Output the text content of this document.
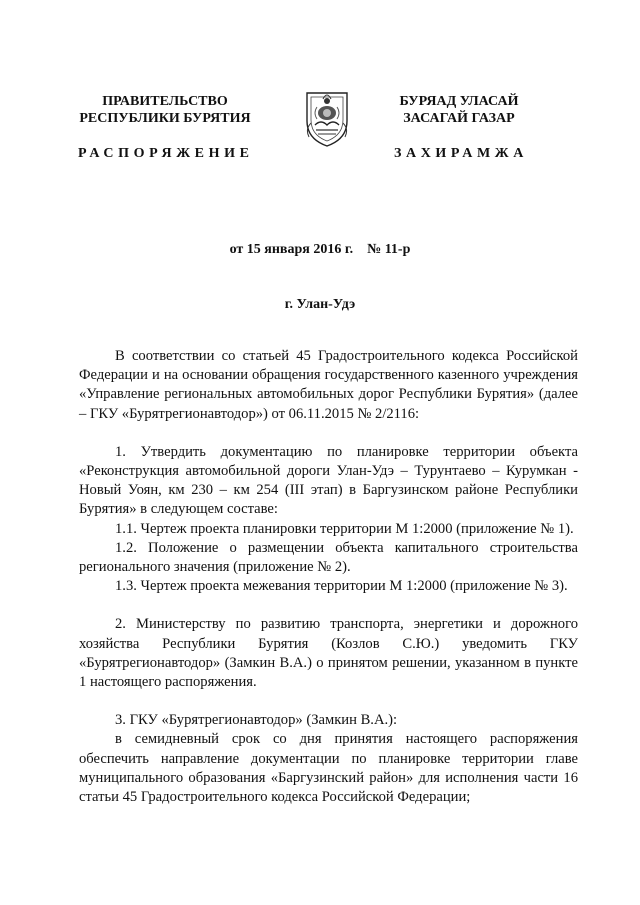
ПРАВИТЕЛЬСТВО
РЕСПУБЛИКИ БУРЯТИЯ
БУРЯАД УЛАСАЙ
ЗАСАГАЙ ГАЗАР
РАСПОРЯЖЕНИЕ	ЗАХИРАМЖА
от 15 января 2016 г. № 11-р
г. Улан-Удэ

В соответствии со статьей 45 Градостроительного кодекса Российской Федерации и на основании обращения государственного казенного учреждения «Управление региональных автомобильных дорог Республики Бурятия» (далее – ГКУ «Бурятрегионавтодор») от 06.11.2015 № 2/2116:

1. Утвердить документацию по планировке территории объекта «Реконструкция автомобильной дороги Улан-Удэ – Турунтаево – Курумкан - Новый Уоян, км 230 – км 254 (III этап) в Баргузинском районе Республики Бурятия» в следующем составе:

1.1. Чертеж проекта планировки территории М 1:2000 (приложение № 1).

1.2. Положение о размещении объекта капитального строительства регионального значения (приложение № 2).

1.3. Чертеж проекта межевания территории М 1:2000 (приложение № 3).

2. Министерству по развитию транспорта, энергетики и дорожного хозяйства Республики Бурятия (Козлов С.Ю.) уведомить ГКУ «Бурятрегионавтодор» (Замкин В.А.) о принятом решении, указанном в пункте 1 настоящего распоряжения.

3. ГКУ «Бурятрегионавтодор» (Замкин В.А.):

в семидневный срок со дня принятия настоящего распоряжения обеспечить направление документации по планировке территории главе муниципального образования «Баргузинский район» для исполнения части 16 статьи 45 Градостроительного кодекса Российской Федерации;
